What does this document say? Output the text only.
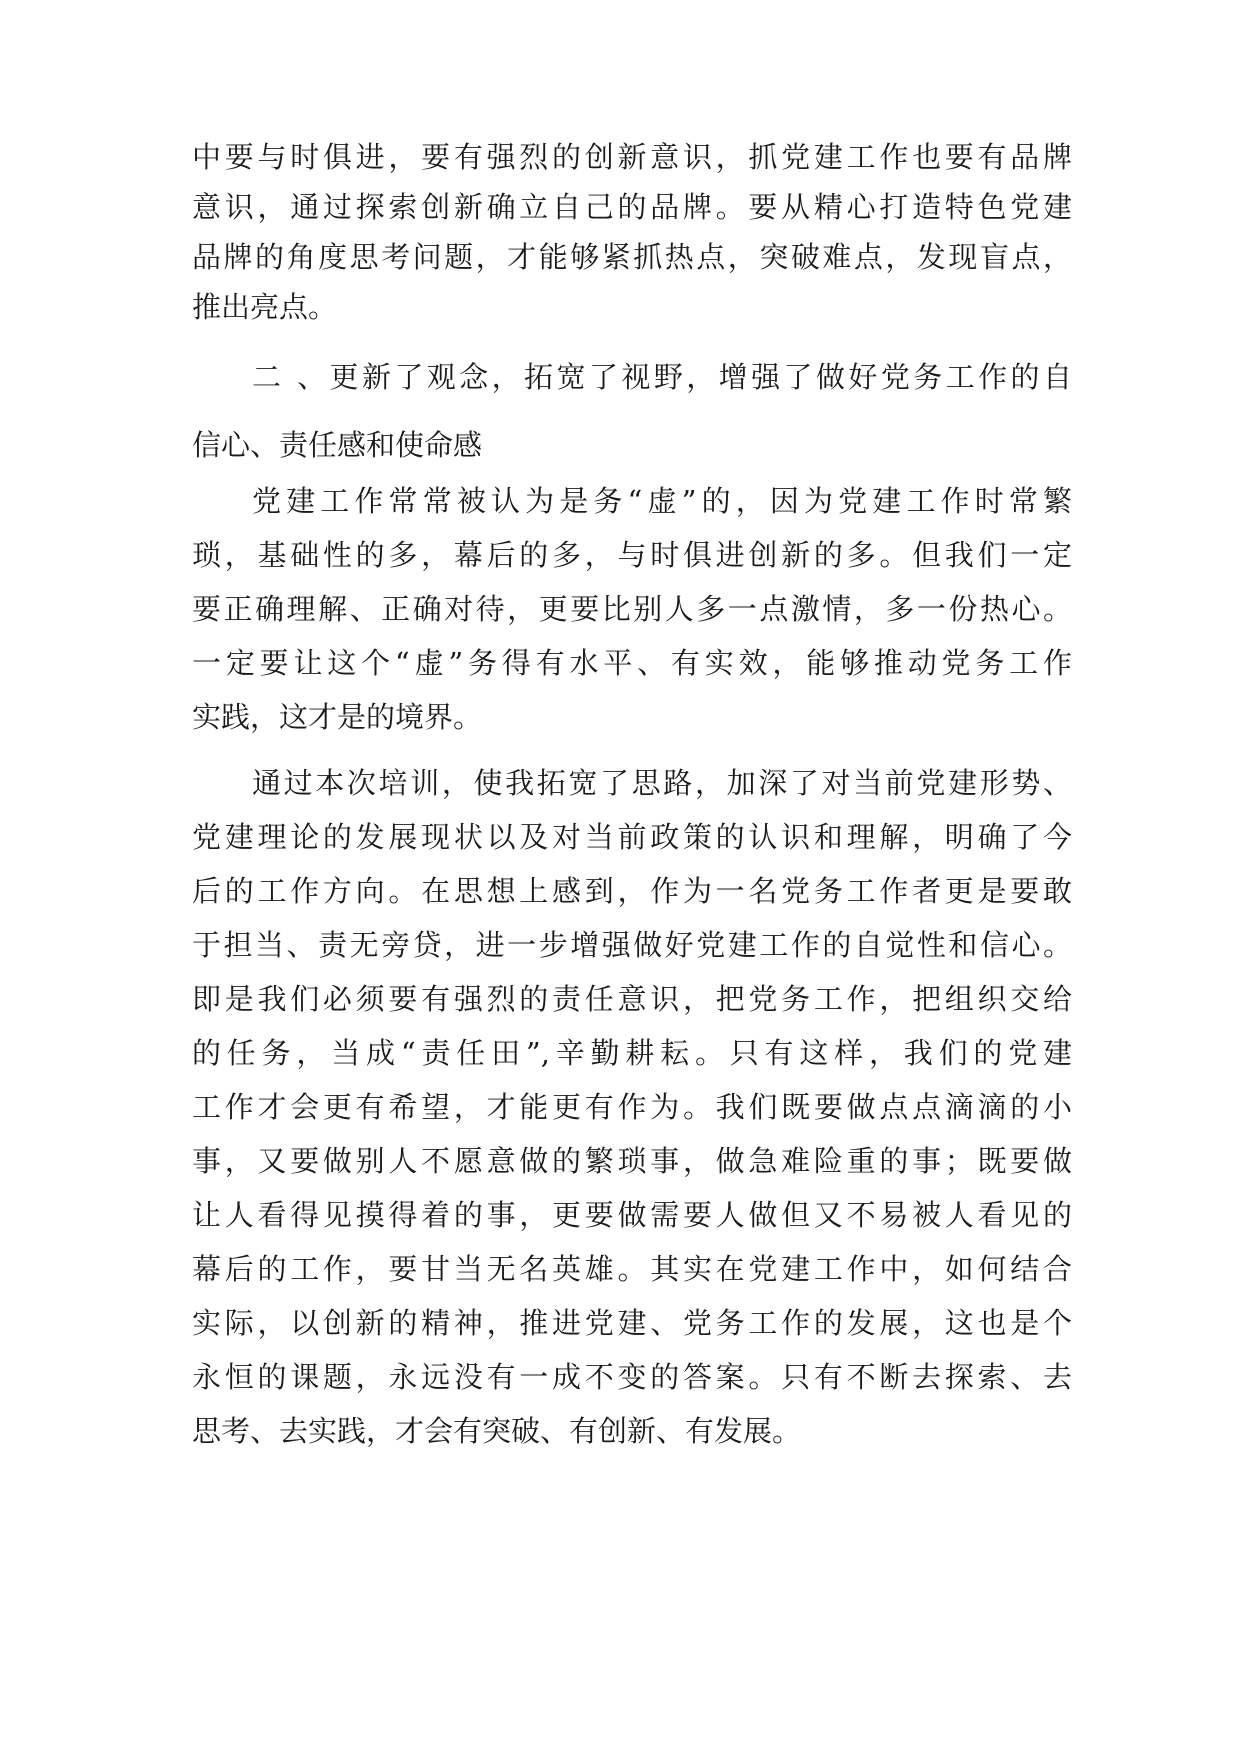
中要与时俱进，要有强烈的创新意识，抓党建工作也要有品牌

意识，通过探索创新确立自己的品牌。要从精心打造特色党建

品牌的角度思考问题，才能够紧抓热点，突破难点，发现盲点，

推出亮点。

二 、更新了观念，拓宽了视野，增强了做好党务工作的自

信心、责任感和使命感

党建工作常常被认为是务“虚”的，因为党建工作时常繁

琐，基础性的多，幕后的多，与时俱进创新的多。但我们一定

要正确理解、正确对待，更要比别人多一点激情，多一份热心。

一定要让这个“虚”务得有水平、有实效，能够推动党务工作

实践，这才是的境界。

通过本次培训，使我拓宽了思路，加深了对当前党建形势、

党建理论的发展现状以及对当前政策的认识和理解，明确了今

后的工作方向。在思想上感到，作为一名党务工作者更是要敢

于担当、责无旁贷，进一步增强做好党建工作的自觉性和信心。

即是我们必须要有强烈的责任意识，把党务工作，把组织交给

的任务，当成“责任田”,辛勤耕耘。只有这样，我们的党建

工作才会更有希望，才能更有作为。我们既要做点点滴滴的小

事，又要做别人不愿意做的繁琐事，做急难险重的事；既要做

让人看得见摸得着的事，更要做需要人做但又不易被人看见的

幕后的工作，要甘当无名英雄。其实在党建工作中，如何结合

实际，以创新的精神，推进党建、党务工作的发展，这也是个

永恒的课题，永远没有一成不变的答案。只有不断去探索、去

思考、去实践，才会有突破、有创新、有发展。
